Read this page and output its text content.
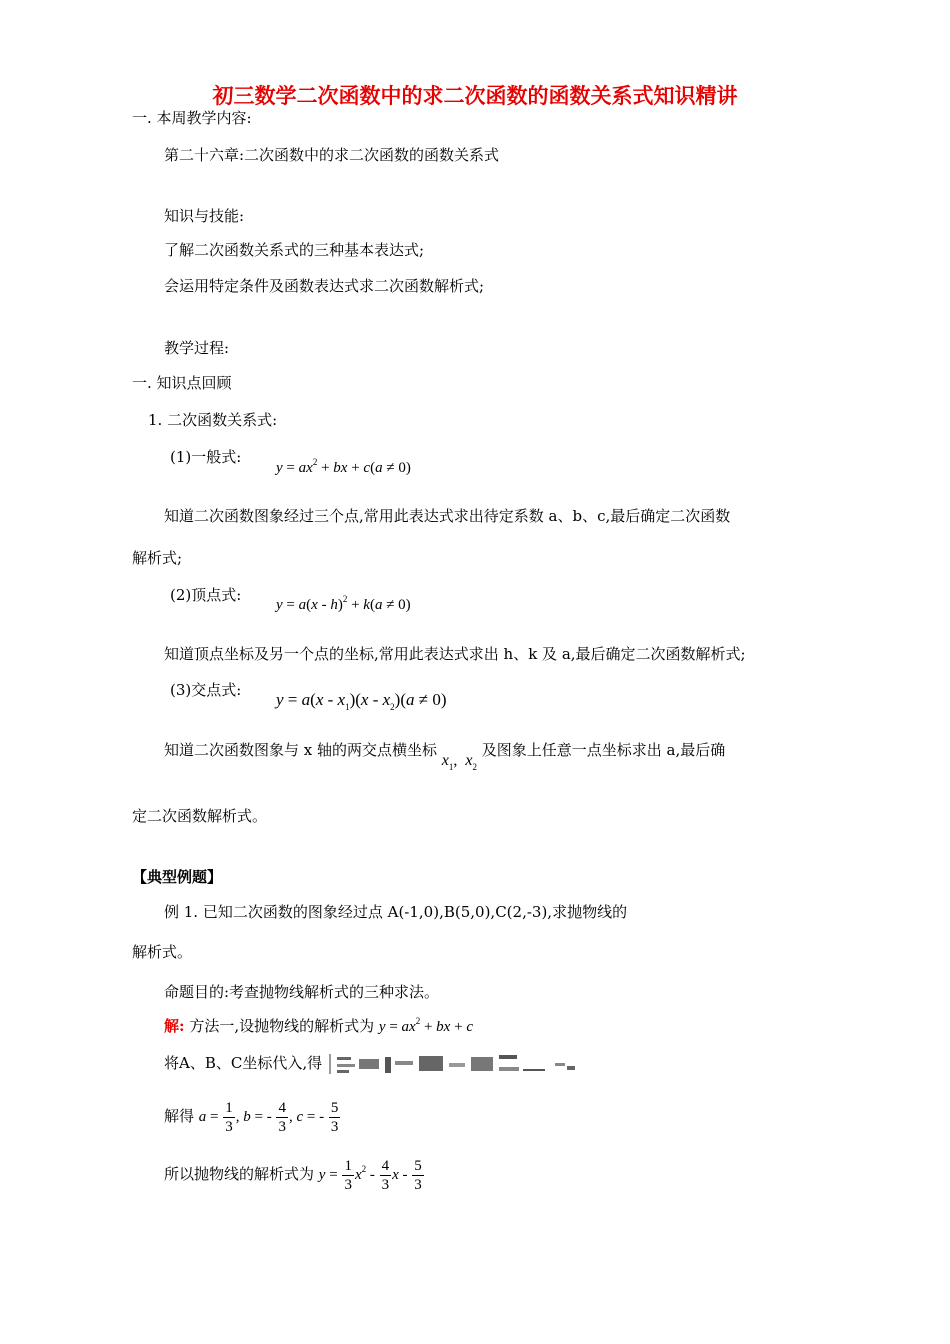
初三数学二次函数中的求二次函数的函数关系式知识精讲
一. 本周教学内容:
第二十六章:二次函数中的求二次函数的函数关系式
知识与技能:
了解二次函数关系式的三种基本表达式;
会运用特定条件及函数表达式求二次函数解析式;
教学过程:
一. 知识点回顾
1. 二次函数关系式:
(1)一般式:
$y = ax^2$ + bx + c(a ≠ 0)
知道二次函数图象经过三个点,常用此表达式求出待定系数 a、b、c,最后确定二次函数
解析式;
(2)顶点式:
y = a(x - h)$^2$ + k(a ≠ 0)
知道顶点坐标及另一个点的坐标,常用此表达式求出 h、k 及 a,最后确定二次函数解析式;
(3)交点式: $y = a(x - x_1)(x - x_2)(a \ne 0)$
知道二次函数图象与 x 轴的两交点横坐标 $x_1$,  $x_2$ 及图象上任意一点坐标求出 a,最后确
定二次函数解析式。
【典型例题】
例 1. 已知二次函数的图象经过点 A(-1,0),B(5,0),C(2,-3),求抛物线的
解析式。
命题目的:考查抛物线解析式的三种求法。
解: 方法一,设抛物线的解析式为 $y = ax^2$ + bx + c
将A、B、C坐标代入,得
解得 $a = \frac{1}{3}$ , b = - $\frac{4}{3}$ , c = - $\frac{5}{3}$
所以抛物线的解析式为 $y = \frac{1}{3} x^2 - \frac{4}{3}$ x - $\frac{5}{3}$
